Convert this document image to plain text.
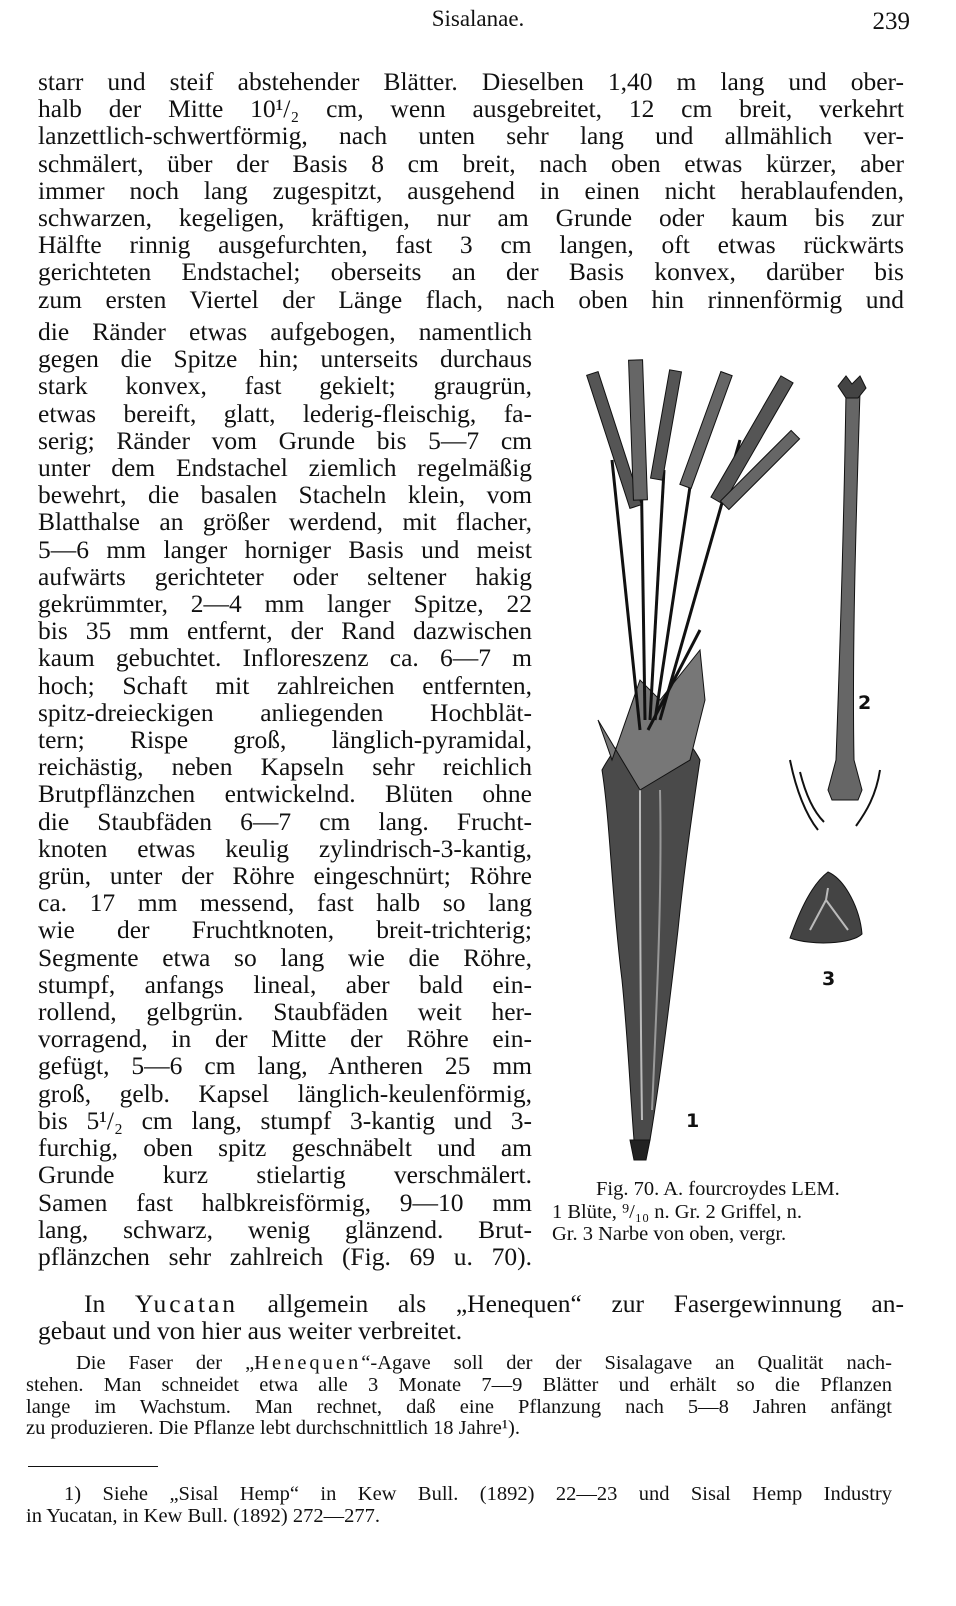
Sisalanae.	239
starr und steif abstehender Blätter. Dieselben 1,40 m lang und ober-
halb der Mitte 10¹/₂ cm, wenn ausgebreitet, 12 cm breit, verkehrt
lanzettlich-schwertförmig, nach unten sehr lang und allmählich ver-
schmälert, über der Basis 8 cm breit, nach oben etwas kürzer, aber
immer noch lang zugespitzt, ausgehend in einen nicht herablaufenden,
schwarzen, kegeligen, kräftigen, nur am Grunde oder kaum bis zur
Hälfte rinnig ausgefurchten, fast 3 cm langen, oft etwas rückwärts
gerichteten Endstachel; oberseits an der Basis konvex, darüber bis
zum ersten Viertel der Länge flach, nach oben hin rinnenförmig und
die Ränder etwas aufgebogen, namentlich
gegen die Spitze hin; unterseits durchaus
stark konvex, fast gekielt; graugrün,
etwas bereift, glatt, lederig-fleischig, fa-
serig; Ränder vom Grunde bis 5—7 cm
unter dem Endstachel ziemlich regelmäßig
bewehrt, die basalen Stacheln klein, vom
Blatthalse an größer werdend, mit flacher,
5—6 mm langer horniger Basis und meist
aufwärts gerichteter oder seltener hakig
gekrümmter, 2—4 mm langer Spitze, 22
bis 35 mm entfernt, der Rand dazwischen
kaum gebuchtet. Infloreszenz ca. 6—7 m
hoch; Schaft mit zahlreichen entfernten,
spitz-dreieckigen anliegenden Hochblät-
tern; Rispe groß, länglich-pyramidal,
reichästig, neben Kapseln sehr reichlich
Brutpflänzchen entwickelnd. Blüten ohne
die Staubfäden 6—7 cm lang. Frucht-
knoten etwas keulig zylindrisch-3-kantig,
grün, unter der Röhre eingeschnürt; Röhre
ca. 17 mm messend, fast halb so lang
wie der Fruchtknoten, breit-trichterig;
Segmente etwa so lang wie die Röhre,
stumpf, anfangs lineal, aber bald ein-
rollend, gelbgrün. Staubfäden weit her-
vorragend, in der Mitte der Röhre ein-
gefügt, 5—6 cm lang, Antheren 25 mm
groß, gelb. Kapsel länglich-keulenförmig,
bis 5¹/₂ cm lang, stumpf 3-kantig und 3-
furchig, oben spitz geschnäbelt und am
Grunde kurz stielartig verschmälert.
Samen fast halbkreisförmig, 9—10 mm
lang, schwarz, wenig glänzend. Brut-
pflänzchen sehr zahlreich (Fig. 69 u. 70).
In Yucatan allgemein als „Henequen“ zur Fasergewinnung an-
gebaut und von hier aus weiter verbreitet.
Die Faser der „Henequen“-Agave soll der der Sisalagave an Qualität nach-
stehen. Man schneidet etwa alle 3 Monate 7—9 Blätter und erhält so die Pflanzen
lange im Wachstum. Man rechnet, daß eine Pflanzung nach 5—8 Jahren anfängt
zu produzieren. Die Pflanze lebt durchschnittlich 18 Jahre¹).
1) Siehe „Sisal Hemp“ in Kew Bull. (1892) 22—23 und Sisal Hemp Industry
in Yucatan, in Kew Bull. (1892) 272—277.
1
2
3
Fig. 70. A. fourcroydes LEM.
1 Blüte, ⁹/₁₀ n. Gr. 2 Griffel, n.
Gr. 3 Narbe von oben, vergr.
